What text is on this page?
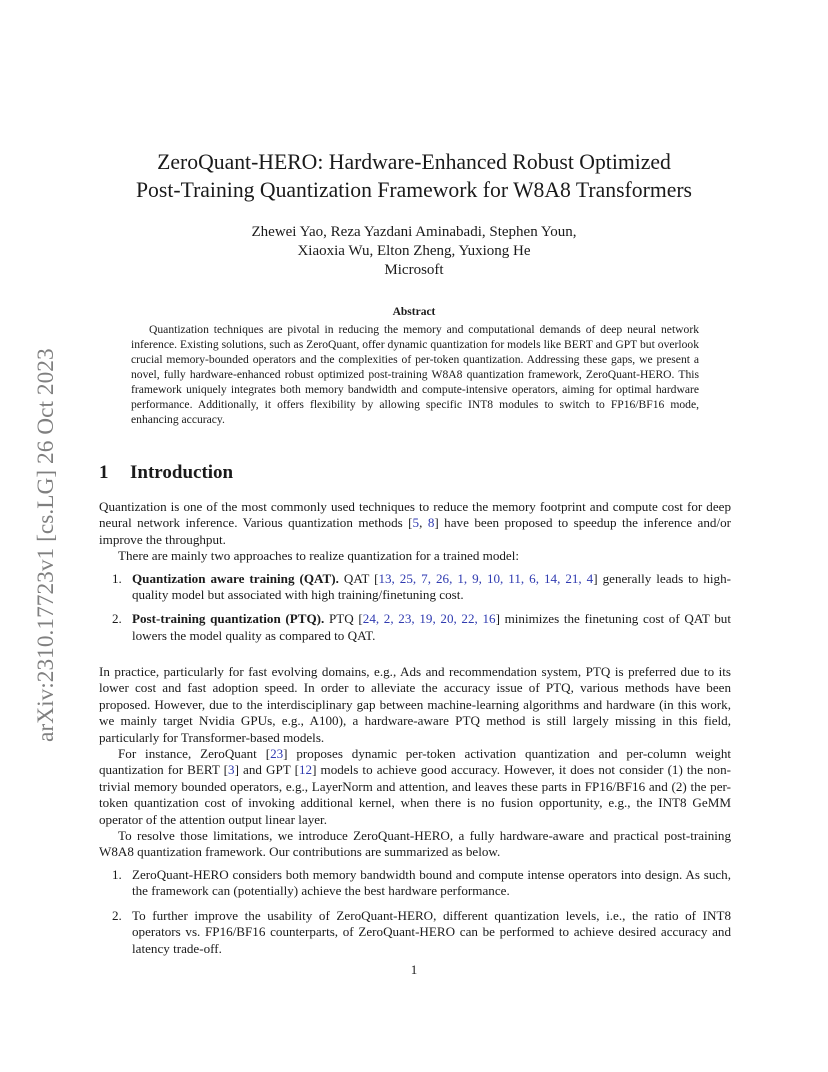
arXiv:2310.17723v1 [cs.LG] 26 Oct 2023
ZeroQuant-HERO: Hardware-Enhanced Robust Optimized
Post-Training Quantization Framework for W8A8 Transformers
Zhewei Yao, Reza Yazdani Aminabadi, Stephen Youn,
Xiaoxia Wu, Elton Zheng, Yuxiong He
Microsoft
Abstract
Quantization techniques are pivotal in reducing the memory and computational demands of deep neural network inference. Existing solutions, such as ZeroQuant, offer dynamic quantization for models like BERT and GPT but overlook crucial memory-bounded operators and the complexities of per-token quantization. Addressing these gaps, we present a novel, fully hardware-enhanced robust optimized post-training W8A8 quantization framework, ZeroQuant-HERO. This framework uniquely integrates both memory bandwidth and compute-intensive operators, aiming for optimal hardware performance. Additionally, it offers flexibility by allowing specific INT8 modules to switch to FP16/BF16 mode, enhancing accuracy.
1 Introduction

Quantization is one of the most commonly used techniques to reduce the memory footprint and compute cost for deep neural network inference. Various quantization methods [5, 8] have been proposed to speedup the inference and/or improve the throughput.

There are mainly two approaches to realize quantization for a trained model:

1. Quantization aware training (QAT). QAT [13, 25, 7, 26, 1, 9, 10, 11, 6, 14, 21, 4] generally leads to high-quality model but associated with high training/finetuning cost.
2. Post-training quantization (PTQ). PTQ [24, 2, 23, 19, 20, 22, 16] minimizes the finetuning cost of QAT but lowers the model quality as compared to QAT.

In practice, particularly for fast evolving domains, e.g., Ads and recommendation system, PTQ is preferred due to its lower cost and fast adoption speed. In order to alleviate the accuracy issue of PTQ, various methods have been proposed. However, due to the interdisciplinary gap between machine-learning algorithms and hardware (in this work, we mainly target Nvidia GPUs, e.g., A100), a hardware-aware PTQ method is still largely missing in this field, particularly for Transformer-based models.

For instance, ZeroQuant [23] proposes dynamic per-token activation quantization and per-column weight quantization for BERT [3] and GPT [12] models to achieve good accuracy. However, it does not consider (1) the non-trivial memory bounded operators, e.g., LayerNorm and attention, and leaves these parts in FP16/BF16 and (2) the per-token quantization cost of invoking additional kernel, when there is no fusion opportunity, e.g., the INT8 GeMM operator of the attention output linear layer.

To resolve those limitations, we introduce ZeroQuant-HERO, a fully hardware-aware and practical post-training W8A8 quantization framework. Our contributions are summarized as below.

1. ZeroQuant-HERO considers both memory bandwidth bound and compute intense operators into design. As such, the framework can (potentially) achieve the best hardware performance.
2. To further improve the usability of ZeroQuant-HERO, different quantization levels, i.e., the ratio of INT8 operators vs. FP16/BF16 counterparts, of ZeroQuant-HERO can be performed to achieve desired accuracy and latency trade-off.
1
